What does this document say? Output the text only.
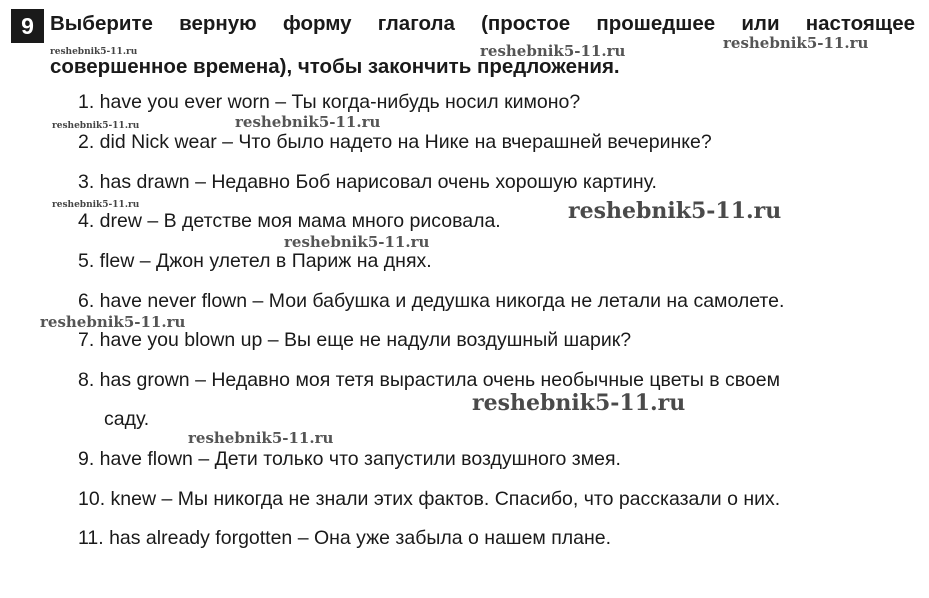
9 Выберите верную форму глагола (простое прошедшее или настоящее
совершенное времена), чтобы закончить предложения.
1. have you ever worn – Ты когда-нибудь носил кимоно?
2. did Nick wear – Что было надето на Нике на вчерашней вечеринке?
3. has drawn – Недавно Боб нарисовал очень хорошую картину.
4. drew – В детстве моя мама много рисовала.
5. flew – Джон улетел в Париж на днях.
6. have never flown – Мои бабушка и дедушка никогда не летали на самолете.
7. have you blown up – Вы еще не надули воздушный шарик?
8. has grown – Недавно моя тетя вырастила очень необычные цветы в своем
саду.
9. have flown – Дети только что запустили воздушного змея.
10. knew – Мы никогда не знали этих фактов. Спасибо, что рассказали о них.
11. has already forgotten – Она уже забыла о нашем плане.
reshebnik5-11.ru	reshebnik5-11.ru	reshebnik5-11.ru
reshebnik5-11.ru	reshebnik5-11.ru
reshebnik5-11.ru	reshebnik5-11.ru
reshebnik5-11.ru
reshebnik5-11.ru
reshebnik5-11.ru
reshebnik5-11.ru
